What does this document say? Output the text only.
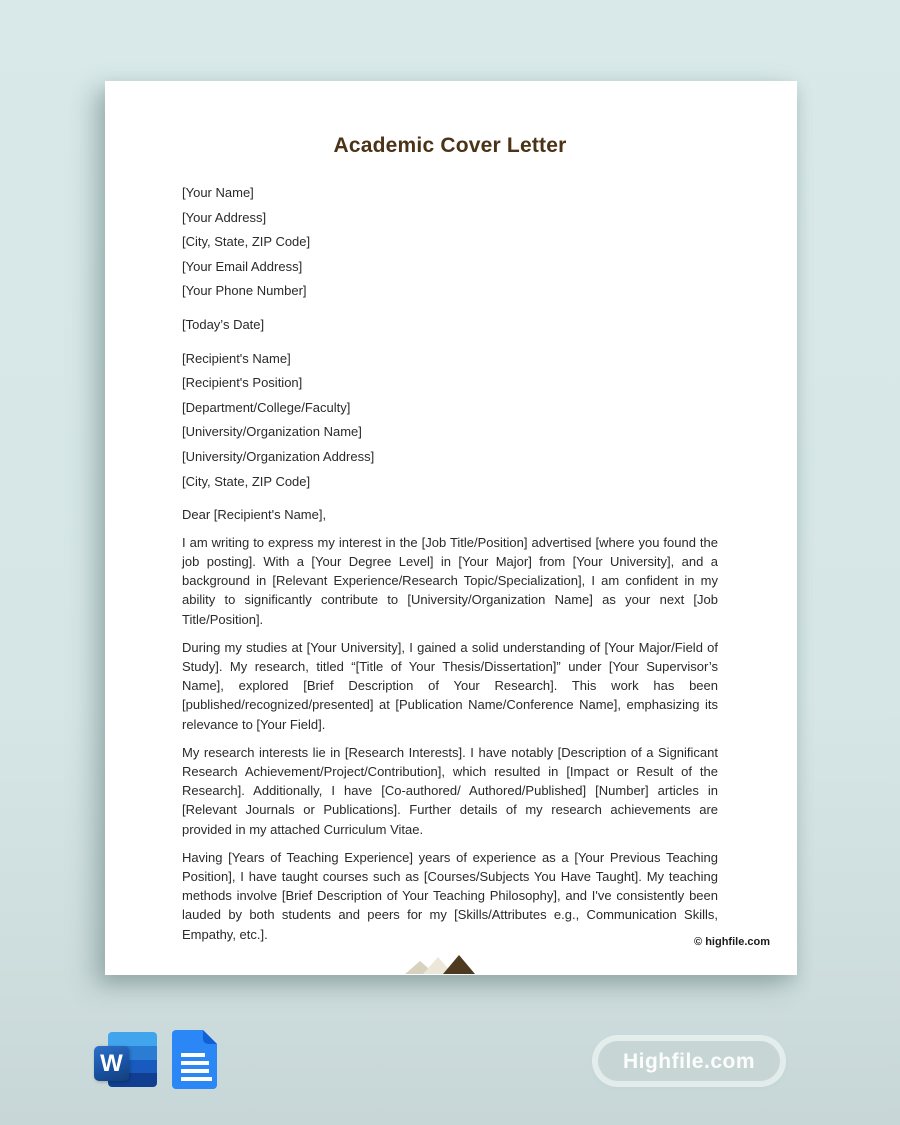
Academic Cover Letter
[Your Name]
[Your Address]
[City, State, ZIP Code]
[Your Email Address]
[Your Phone Number]
[Today’s Date]
[Recipient's Name]
[Recipient's Position]
[Department/College/Faculty]
[University/Organization Name]
[University/Organization Address]
[City, State, ZIP Code]
Dear [Recipient's Name],

I am writing to express my interest in the [Job Title/Position] advertised [where you found the job posting]. With a [Your Degree Level] in [Your Major] from [Your University], and a background in [Relevant Experience/Research Topic/Specialization], I am confident in my ability to significantly contribute to [University/Organization Name] as your next [Job Title/Position].

During my studies at [Your University], I gained a solid understanding of [Your Major/Field of Study]. My research, titled “[Title of Your Thesis/Dissertation]” under [Your Supervisor’s Name], explored [Brief Description of Your Research]. This work has been [published/recognized/presented] at [Publication Name/Conference Name], emphasizing its relevance to [Your Field].

My research interests lie in [Research Interests]. I have notably [Description of a Significant Research Achievement/Project/Contribution], which resulted in [Impact or Result of the Research]. Additionally, I have [Co-authored/ Authored/Published] [Number] articles in [Relevant Journals or Publications]. Further details of my research achievements are provided in my attached Curriculum Vitae.

Having [Years of Teaching Experience] years of experience as a [Your Previous Teaching Position], I have taught courses such as [Courses/Subjects You Have Taught]. My teaching methods involve [Brief Description of Your Teaching Philosophy], and I've consistently been lauded by both students and peers for my [Skills/Attributes e.g., Communication Skills, Empathy, etc.].

© highfile.com
W	Highfile.com
